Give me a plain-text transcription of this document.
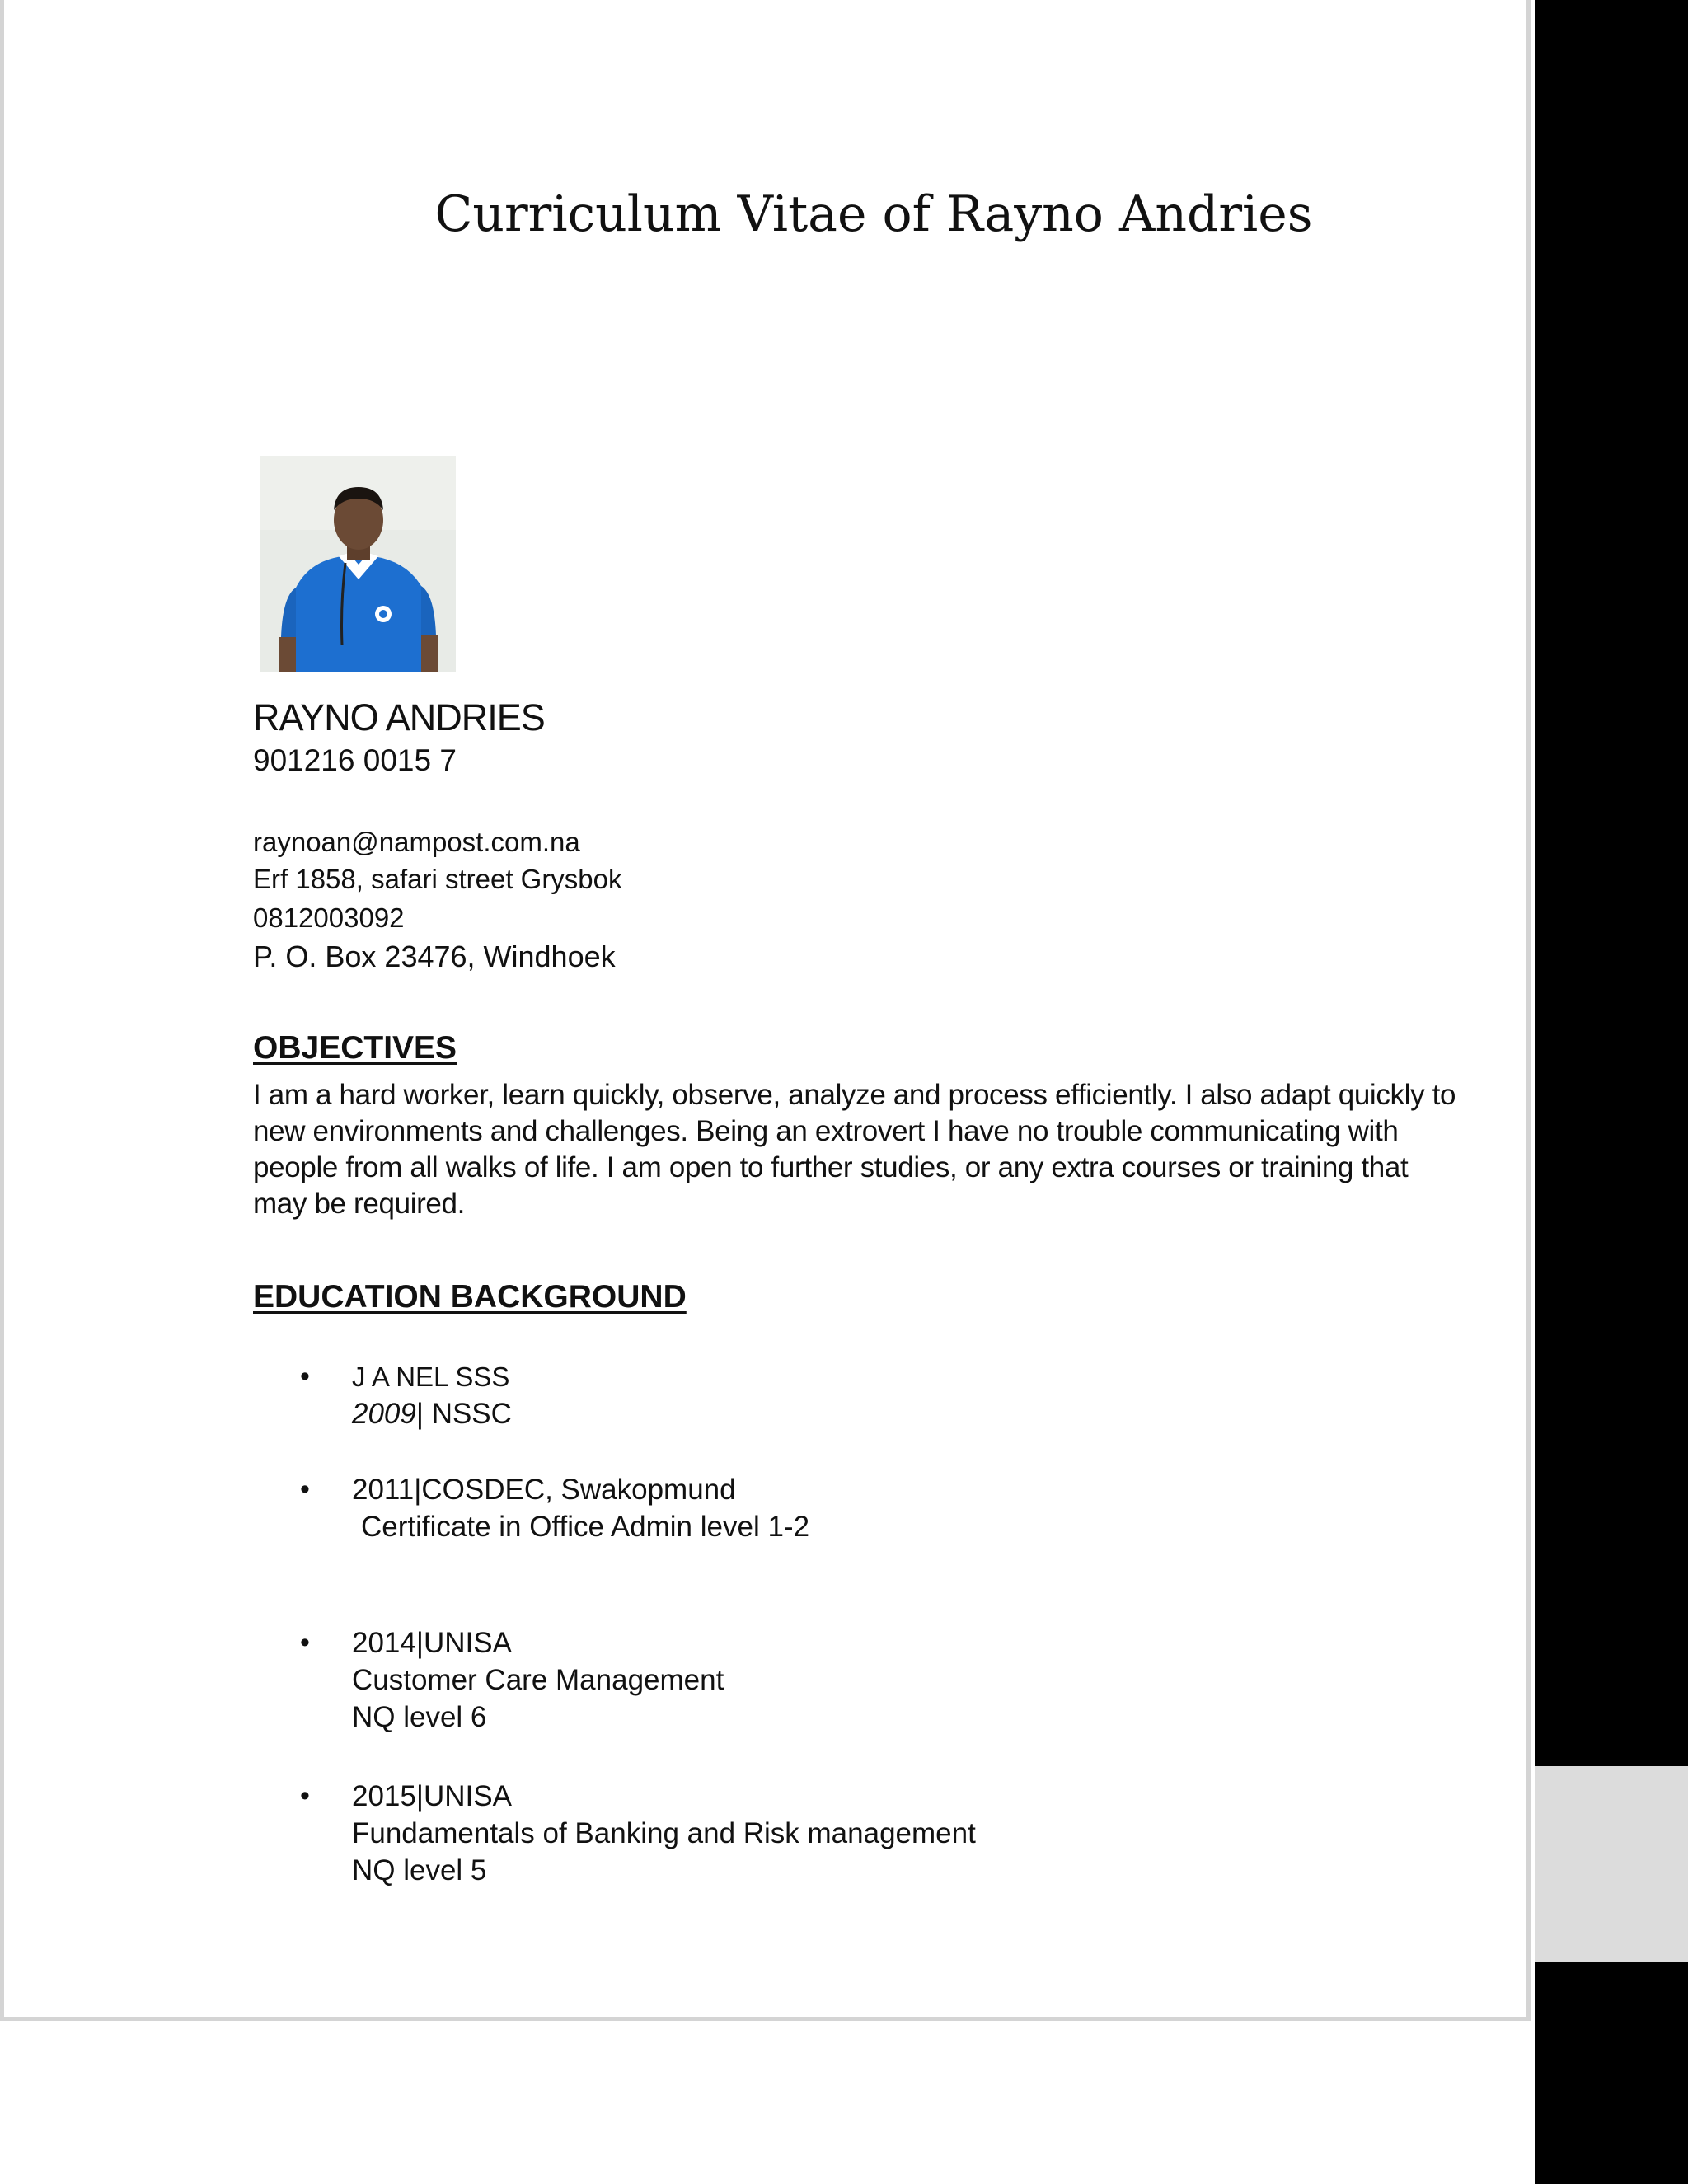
Curriculum Vitae of Rayno Andries
RAYNO ANDRIES
901216 0015 7
raynoan@nampost.com.na
Erf 1858, safari street Grysbok
0812003092
P. O. Box 23476, Windhoek
OBJECTIVES
I am a hard worker, learn quickly, observe, analyze and process efficiently. I also adapt quickly to new environments and challenges. Being an extrovert I have no trouble communicating with people from all walks of life. I am open to further studies, or any extra courses or training that may be required.
EDUCATION BACKGROUND
• J A NEL SSS
2009| NSSC
• 2011|COSDEC, Swakopmund
Certificate in Office Admin level 1-2
• 2014|UNISA
Customer Care Management
NQ level 6
• 2015|UNISA
Fundamentals of Banking and Risk management
NQ level 5
